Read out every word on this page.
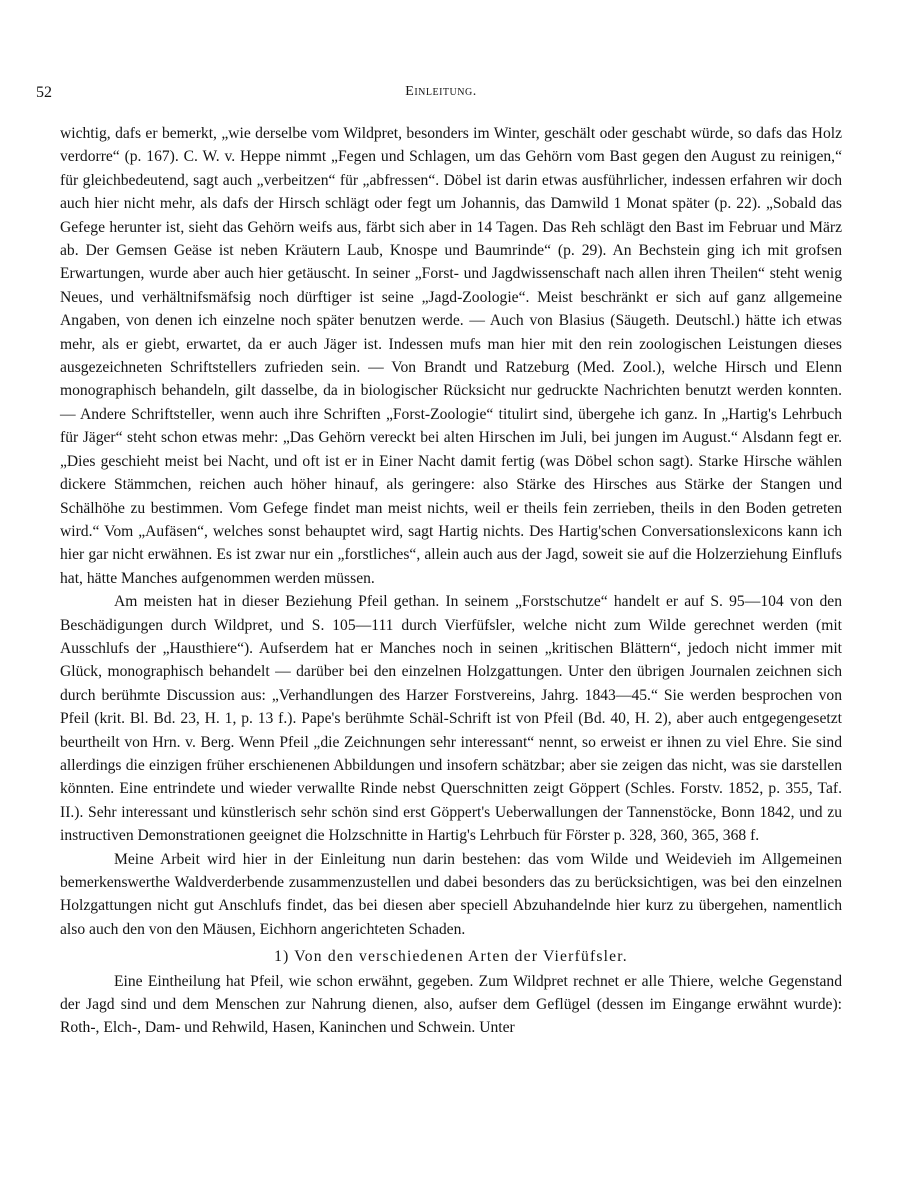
52	Einleitung.

wichtig, dafs er bemerkt, „wie derselbe vom Wildpret, besonders im Winter, geschält oder geschabt würde, so dafs das Holz verdorre“ (p. 167). C. W. v. Heppe nimmt „Fegen und Schlagen, um das Gehörn vom Bast gegen den August zu reinigen,“ für gleichbedeutend, sagt auch „verbeitzen“ für „abfressen“. Döbel ist darin etwas ausführlicher, indessen erfahren wir doch auch hier nicht mehr, als dafs der Hirsch schlägt oder fegt um Johannis, das Damwild 1 Monat später (p. 22). „Sobald das Gefege herunter ist, sieht das Gehörn weifs aus, färbt sich aber in 14 Tagen. Das Reh schlägt den Bast im Februar und März ab. Der Gemsen Geäse ist neben Kräutern Laub, Knospe und Baumrinde“ (p. 29). An Bechstein ging ich mit grofsen Erwartungen, wurde aber auch hier getäuscht. In seiner „Forst- und Jagdwissenschaft nach allen ihren Theilen“ steht wenig Neues, und verhältnifsmäfsig noch dürftiger ist seine „Jagd-Zoologie“. Meist beschränkt er sich auf ganz allgemeine Angaben, von denen ich einzelne noch später benutzen werde. — Auch von Blasius (Säugeth. Deutschl.) hätte ich etwas mehr, als er giebt, erwartet, da er auch Jäger ist. Indessen mufs man hier mit den rein zoologischen Leistungen dieses ausgezeichneten Schriftstellers zufrieden sein. — Von Brandt und Ratzeburg (Med. Zool.), welche Hirsch und Elenn monographisch behandeln, gilt dasselbe, da in biologischer Rücksicht nur gedruckte Nachrichten benutzt werden konnten. — Andere Schriftsteller, wenn auch ihre Schriften „Forst-Zoologie“ titulirt sind, übergehe ich ganz. In „Hartig's Lehrbuch für Jäger“ steht schon etwas mehr: „Das Gehörn vereckt bei alten Hirschen im Juli, bei jungen im August.“ Alsdann fegt er. „Dies geschieht meist bei Nacht, und oft ist er in Einer Nacht damit fertig (was Döbel schon sagt). Starke Hirsche wählen dickere Stämmchen, reichen auch höher hinauf, als geringere: also Stärke des Hirsches aus Stärke der Stangen und Schälhöhe zu bestimmen. Vom Gefege findet man meist nichts, weil er theils fein zerrieben, theils in den Boden getreten wird.“ Vom „Aufäsen“, welches sonst behauptet wird, sagt Hartig nichts. Des Hartig'schen Conversationslexicons kann ich hier gar nicht erwähnen. Es ist zwar nur ein „forstliches“, allein auch aus der Jagd, soweit sie auf die Holzerziehung Einflufs hat, hätte Manches aufgenommen werden müssen.

Am meisten hat in dieser Beziehung Pfeil gethan. In seinem „Forstschutze“ handelt er auf S. 95—104 von den Beschädigungen durch Wildpret, und S. 105—111 durch Vierfüfsler, welche nicht zum Wilde gerechnet werden (mit Ausschlufs der „Hausthiere“). Aufserdem hat er Manches noch in seinen „kritischen Blättern“, jedoch nicht immer mit Glück, monographisch behandelt — darüber bei den einzelnen Holzgattungen. Unter den übrigen Journalen zeichnen sich durch berühmte Discussion aus: „Verhandlungen des Harzer Forstvereins, Jahrg. 1843—45.“ Sie werden besprochen von Pfeil (krit. Bl. Bd. 23, H. 1, p. 13 f.). Pape's berühmte Schäl-Schrift ist von Pfeil (Bd. 40, H. 2), aber auch entgegengesetzt beurtheilt von Hrn. v. Berg. Wenn Pfeil „die Zeichnungen sehr interessant“ nennt, so erweist er ihnen zu viel Ehre. Sie sind allerdings die einzigen früher erschienenen Abbildungen und insofern schätzbar; aber sie zeigen das nicht, was sie darstellen könnten. Eine entrindete und wieder verwallte Rinde nebst Querschnitten zeigt Göppert (Schles. Forstv. 1852, p. 355, Taf. II.). Sehr interessant und künstlerisch sehr schön sind erst Göppert's Ueberwallungen der Tannenstöcke, Bonn 1842, und zu instructiven Demonstrationen geeignet die Holzschnitte in Hartig's Lehrbuch für Förster p. 328, 360, 365, 368 f.

Meine Arbeit wird hier in der Einleitung nun darin bestehen: das vom Wilde und Weidevieh im Allgemeinen bemerkenswerthe Waldverderbende zusammenzustellen und dabei besonders das zu berücksichtigen, was bei den einzelnen Holzgattungen nicht gut Anschlufs findet, das bei diesen aber speciell Abzuhandelnde hier kurz zu übergehen, namentlich also auch den von den Mäusen, Eichhorn angerichteten Schaden.

1) Von den verschiedenen Arten der Vierfüfsler.

Eine Eintheilung hat Pfeil, wie schon erwähnt, gegeben. Zum Wildpret rechnet er alle Thiere, welche Gegenstand der Jagd sind und dem Menschen zur Nahrung dienen, also, aufser dem Geflügel (dessen im Eingange erwähnt wurde): Roth-, Elch-, Dam- und Rehwild, Hasen, Kaninchen und Schwein. Unter
